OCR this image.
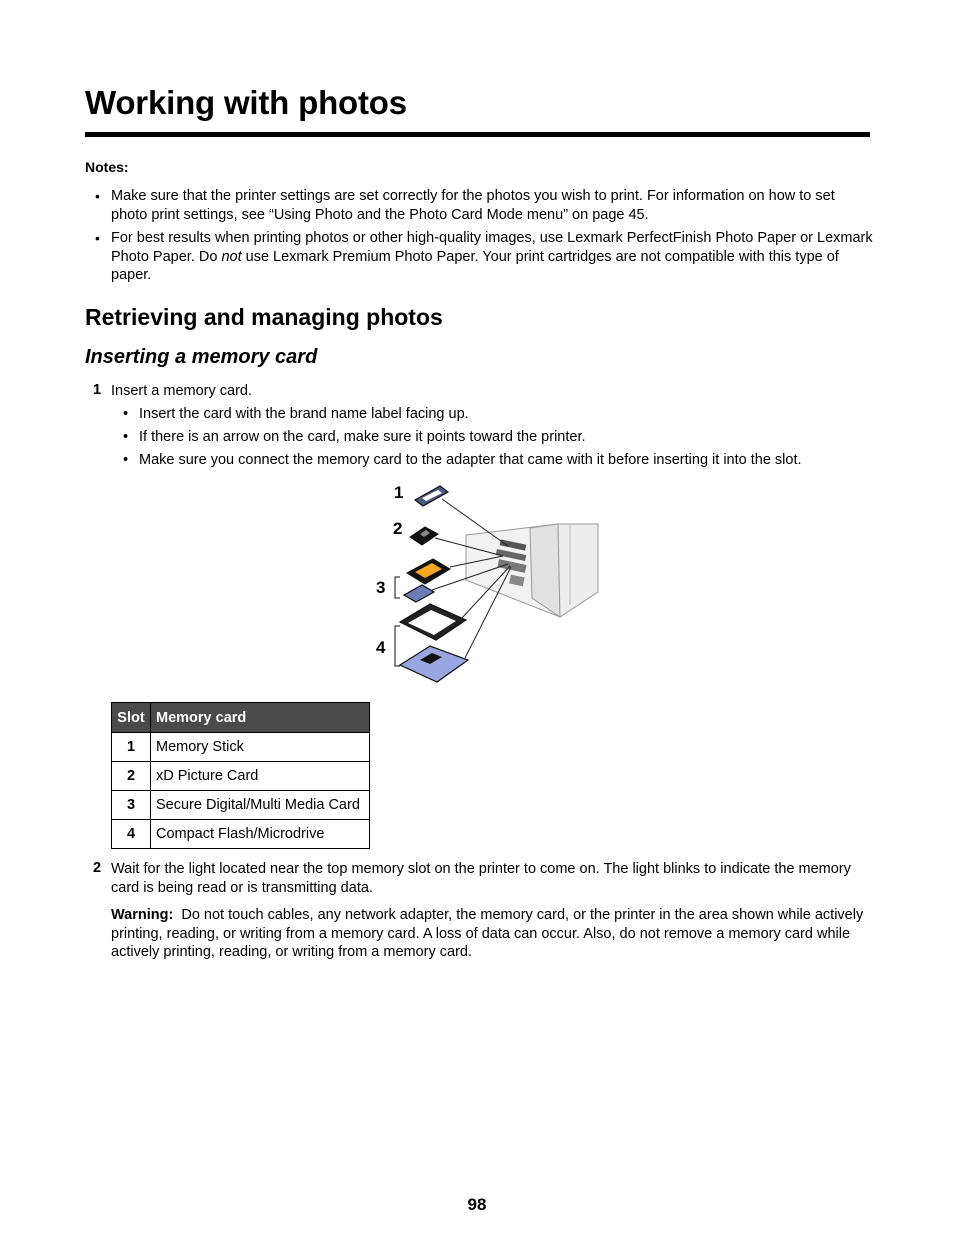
Working with photos
Notes:
• Make sure that the printer settings are set correctly for the photos you wish to print. For information on how to set photo print settings, see “Using Photo and the Photo Card Mode menu” on page 45.
• For best results when printing photos or other high-quality images, use Lexmark PerfectFinish Photo Paper or Lexmark Photo Paper. Do not use Lexmark Premium Photo Paper. Your print cartridges are not compatible with this type of paper.
Retrieving and managing photos
Inserting a memory card
1 Insert a memory card.
• Insert the card with the brand name label facing up.
• If there is an arrow on the card, make sure it points toward the printer.
• Make sure you connect the memory card to the adapter that came with it before inserting it into the slot.
1
2
3
4
Slot	Memory card
1	Memory Stick
2	xD Picture Card
3	Secure Digital/Multi Media Card
4	Compact Flash/Microdrive
2 Wait for the light located near the top memory slot on the printer to come on. The light blinks to indicate the memory card is being read or is transmitting data.
Warning: Do not touch cables, any network adapter, the memory card, or the printer in the area shown while actively printing, reading, or writing from a memory card. A loss of data can occur. Also, do not remove a memory card while actively printing, reading, or writing from a memory card.
98
